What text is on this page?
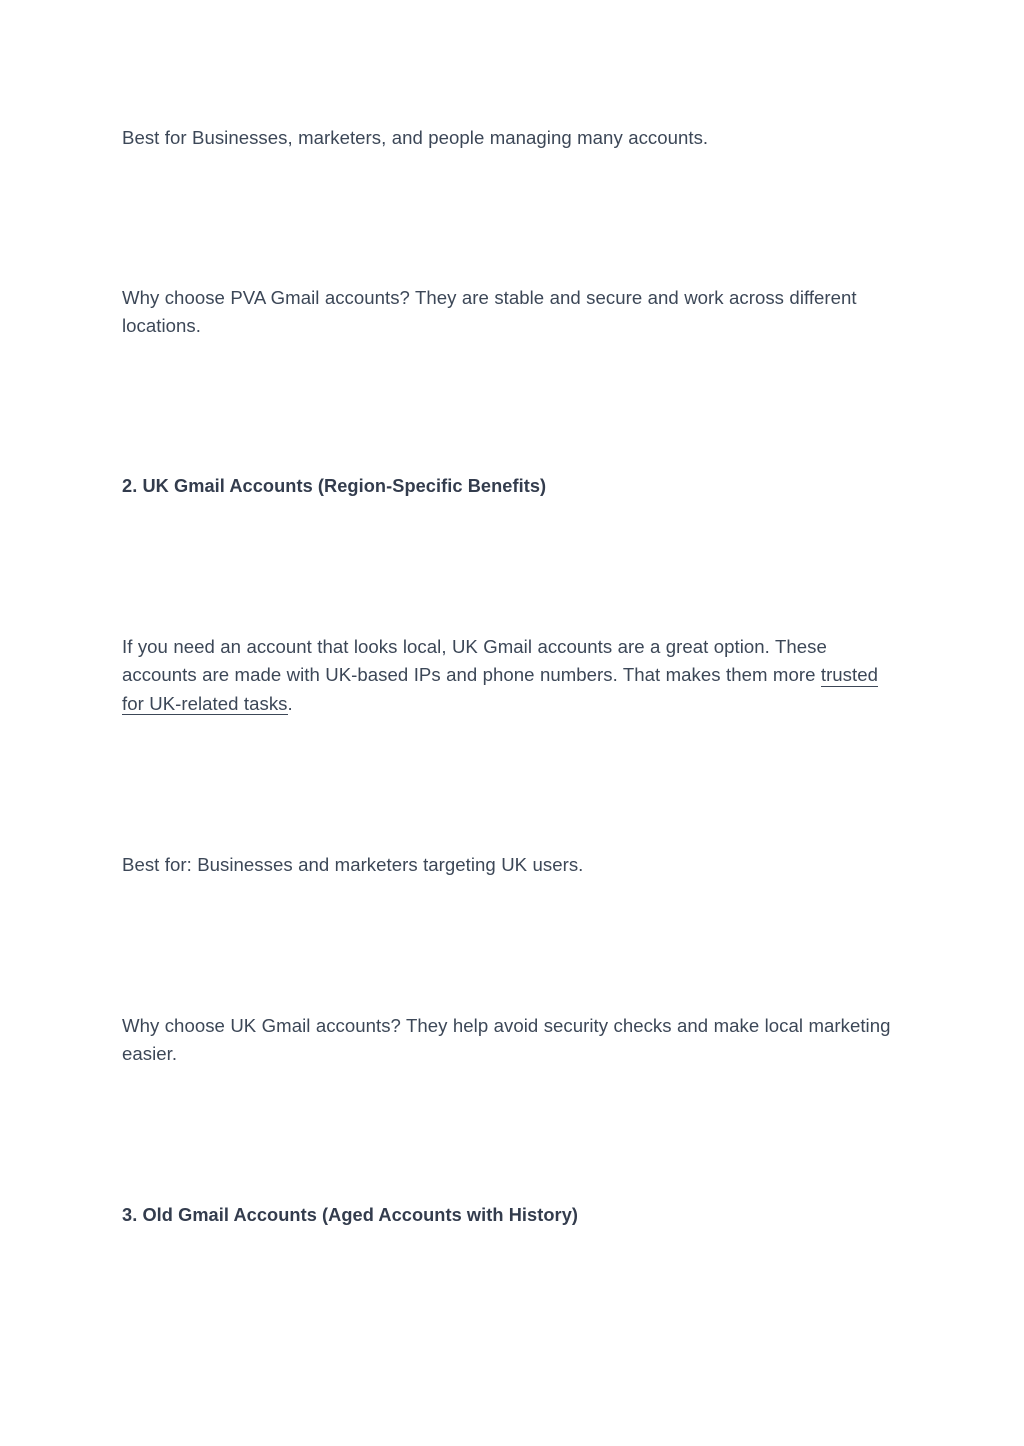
Best for Businesses, marketers, and people managing many accounts.

Why choose PVA Gmail accounts? They are stable and secure and work across different locations.

2. UK Gmail Accounts (Region-Specific Benefits)

If you need an account that looks local, UK Gmail accounts are a great option. These accounts are made with UK-based IPs and phone numbers. That makes them more trusted for UK-related tasks.

Best for: Businesses and marketers targeting UK users.

Why choose UK Gmail accounts? They help avoid security checks and make local marketing easier.

3. Old Gmail Accounts (Aged Accounts with History)
